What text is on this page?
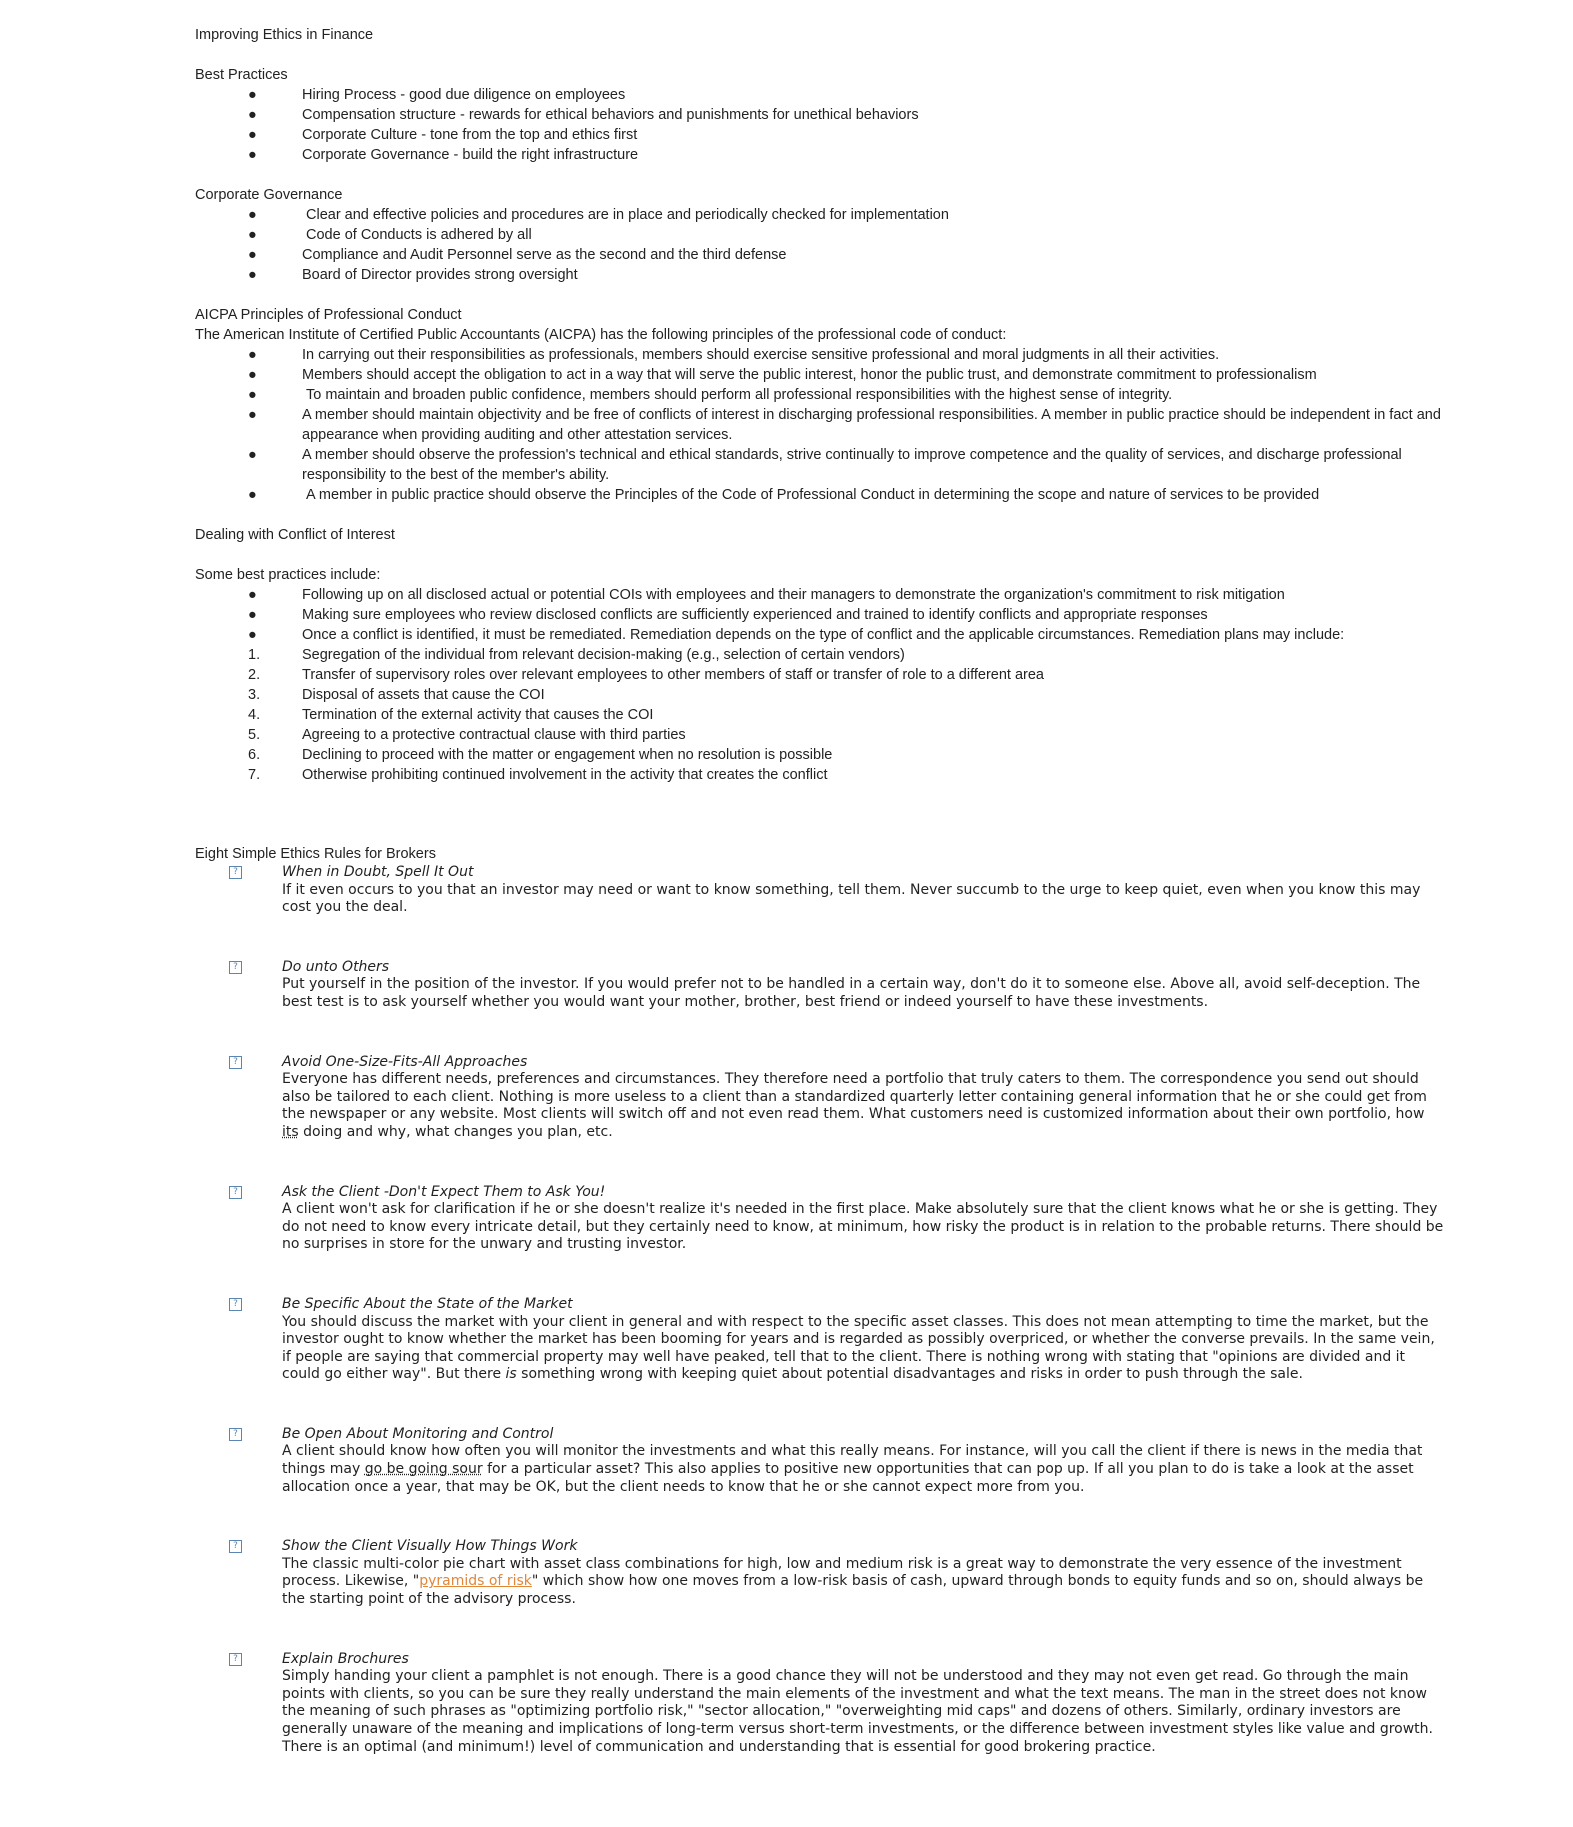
Improving Ethics in Finance

Best Practices

●	Hiring Process - good due diligence on employees
●	Compensation structure - rewards for ethical behaviors and punishments for unethical behaviors
●	Corporate Culture - tone from the top and ethics first
●	Corporate Governance - build the right infrastructure

Corporate Governance

●	Clear and effective policies and procedures are in place and periodically checked for implementation
●	Code of Conducts is adhered by all
●	Compliance and Audit Personnel serve as the second and the third defense
●	Board of Director provides strong oversight

AICPA Principles of Professional Conduct

The American Institute of Certified Public Accountants (AICPA) has the following principles of the professional code of conduct:

●	In carrying out their responsibilities as professionals, members should exercise sensitive professional and moral judgments in all their activities.
●	Members should accept the obligation to act in a way that will serve the public interest, honor the public trust, and demonstrate commitment to professionalism
●	To maintain and broaden public confidence, members should perform all professional responsibilities with the highest sense of integrity.
●	A member should maintain objectivity and be free of conflicts of interest in discharging professional responsibilities. A member in public practice should be independent in fact and appearance when providing auditing and other attestation services.
●	A member should observe the profession's technical and ethical standards, strive continually to improve competence and the quality of services, and discharge professional responsibility to the best of the member's ability.
●	A member in public practice should observe the Principles of the Code of Professional Conduct in determining the scope and nature of services to be provided

Dealing with Conflict of Interest

Some best practices include:

●	Following up on all disclosed actual or potential COIs with employees and their managers to demonstrate the organization's commitment to risk mitigation
●	Making sure employees who review disclosed conflicts are sufficiently experienced and trained to identify conflicts and appropriate responses
●	Once a conflict is identified, it must be remediated. Remediation depends on the type of conflict and the applicable circumstances. Remediation plans may include:
1.	Segregation of the individual from relevant decision-making (e.g., selection of certain vendors)
2.	Transfer of supervisory roles over relevant employees to other members of staff or transfer of role to a different area
3.	Disposal of assets that cause the COI
4.	Termination of the external activity that causes the COI
5.	Agreeing to a protective contractual clause with third parties
6.	Declining to proceed with the matter or engagement when no resolution is possible
7.	Otherwise prohibiting continued involvement in the activity that creates the conflict

Eight Simple Ethics Rules for Brokers

?	When in Doubt, Spell It Out
If it even occurs to you that an investor may need or want to know something, tell them. Never succumb to the urge to keep quiet, even when you know this may cost you the deal.
?	Do unto Others
Put yourself in the position of the investor. If you would prefer not to be handled in a certain way, don't do it to someone else. Above all, avoid self-deception. The best test is to ask yourself whether you would want your mother, brother, best friend or indeed yourself to have these investments.
?	Avoid One-Size-Fits-All Approaches
Everyone has different needs, preferences and circumstances. They therefore need a portfolio that truly caters to them. The correspondence you send out should also be tailored to each client. Nothing is more useless to a client than a standardized quarterly letter containing general information that he or she could get from the newspaper or any website. Most clients will switch off and not even read them. What customers need is customized information about their own portfolio, how its doing and why, what changes you plan, etc.
?	Ask the Client -Don't Expect Them to Ask You!
A client won't ask for clarification if he or she doesn't realize it's needed in the first place. Make absolutely sure that the client knows what he or she is getting. They do not need to know every intricate detail, but they certainly need to know, at minimum, how risky the product is in relation to the probable returns. There should be no surprises in store for the unwary and trusting investor.
?	Be Specific About the State of the Market
You should discuss the market with your client in general and with respect to the specific asset classes. This does not mean attempting to time the market, but the investor ought to know whether the market has been booming for years and is regarded as possibly overpriced, or whether the converse prevails. In the same vein, if people are saying that commercial property may well have peaked, tell that to the client. There is nothing wrong with stating that "opinions are divided and it could go either way". But there is something wrong with keeping quiet about potential disadvantages and risks in order to push through the sale.
?	Be Open About Monitoring and Control
A client should know how often you will monitor the investments and what this really means. For instance, will you call the client if there is news in the media that things may go be going sour for a particular asset? This also applies to positive new opportunities that can pop up. If all you plan to do is take a look at the asset allocation once a year, that may be OK, but the client needs to know that he or she cannot expect more from you.
?	Show the Client Visually How Things Work
The classic multi-color pie chart with asset class combinations for high, low and medium risk is a great way to demonstrate the very essence of the investment process. Likewise, "pyramids of risk" which show how one moves from a low-risk basis of cash, upward through bonds to equity funds and so on, should always be the starting point of the advisory process.
?	Explain Brochures
Simply handing your client a pamphlet is not enough. There is a good chance they will not be understood and they may not even get read. Go through the main points with clients, so you can be sure they really understand the main elements of the investment and what the text means. The man in the street does not know the meaning of such phrases as "optimizing portfolio risk," "sector allocation," "overweighting mid caps" and dozens of others. Similarly, ordinary investors are generally unaware of the meaning and implications of long-term versus short-term investments, or the difference between investment styles like value and growth. There is an optimal (and minimum!) level of communication and understanding that is essential for good brokering practice.
